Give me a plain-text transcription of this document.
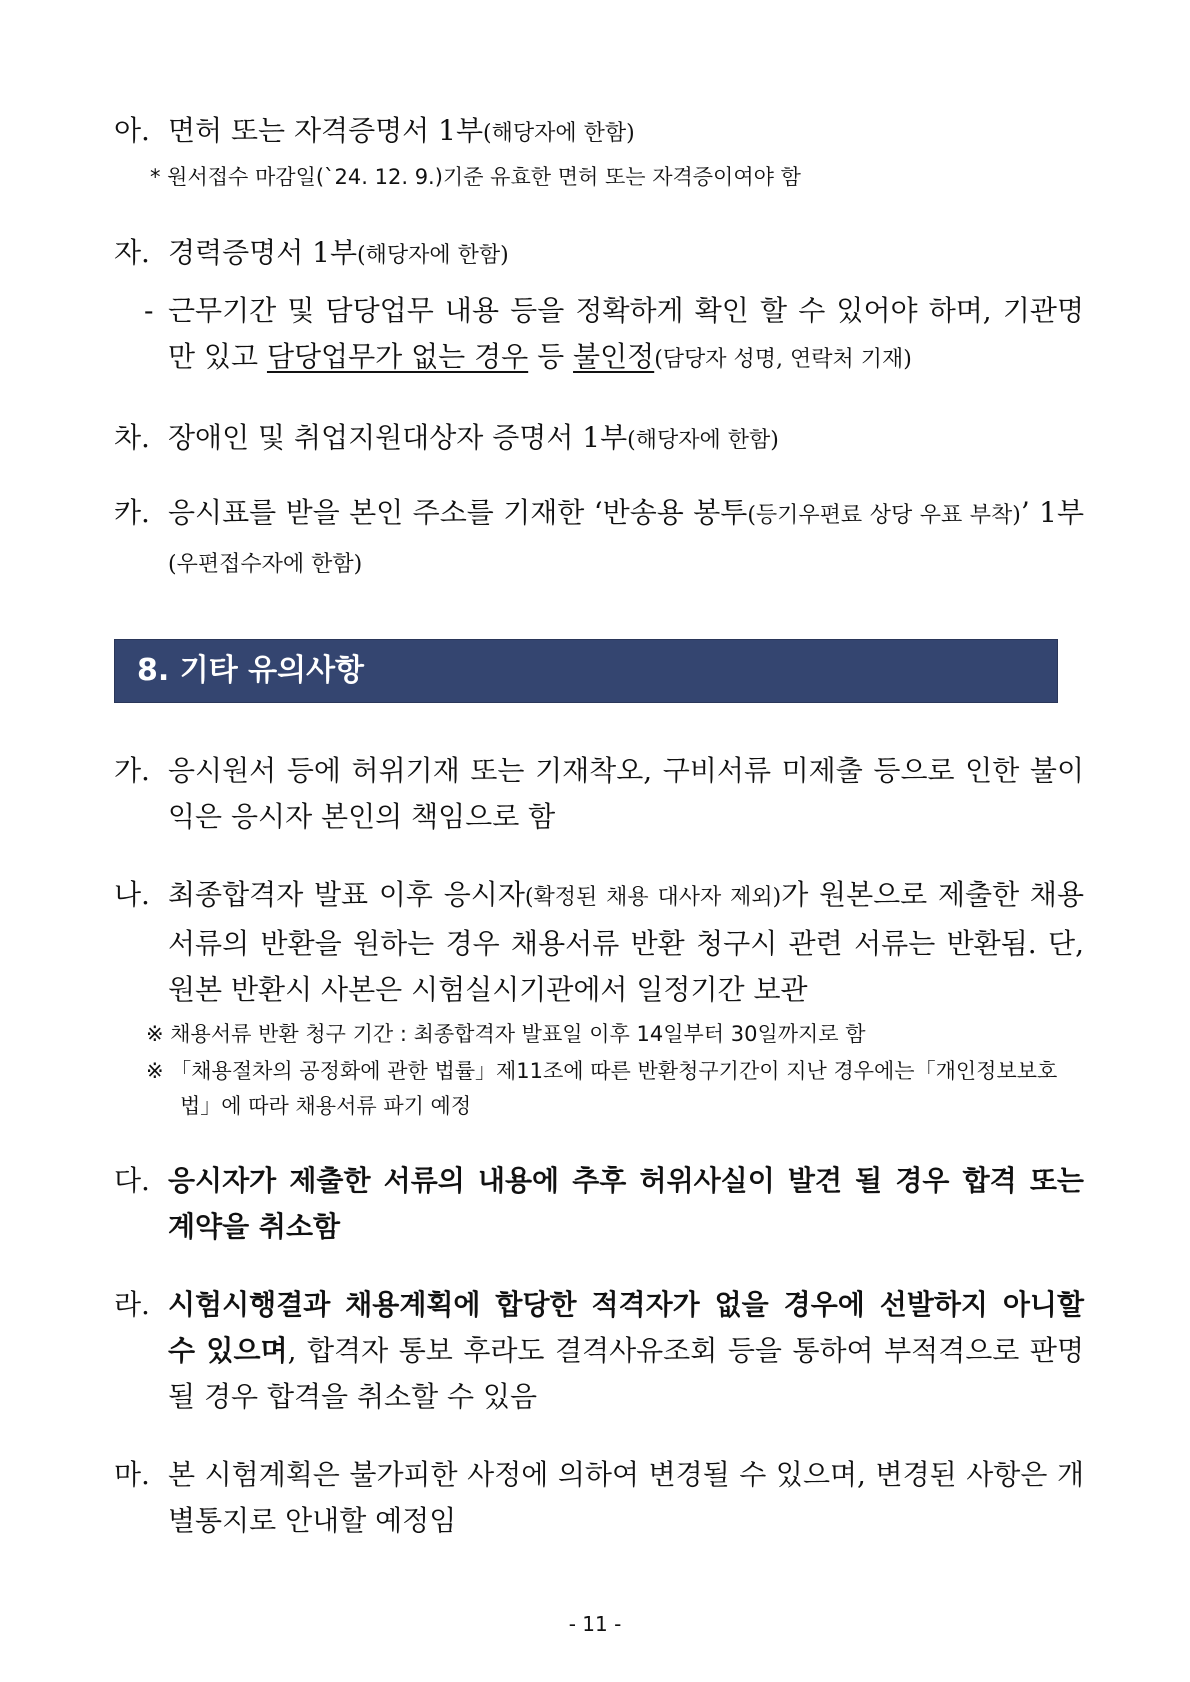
아. 면허 또는 자격증명서 1부(해당자에 한함)
* 원서접수 마감일(`24. 12. 9.)기준 유효한 면허 또는 자격증이여야 함
자. 경력증명서 1부(해당자에 한함)
- 근무기간 및 담당업무 내용 등을 정확하게 확인 할 수 있어야 하며, 기관명만 있고 담당업무가 없는 경우 등 불인정(담당자 성명, 연락처 기재)
차. 장애인 및 취업지원대상자 증명서 1부(해당자에 한함)
카. 응시표를 받을 본인 주소를 기재한 ‘반송용 봉투(등기우편료 상당 우표 부착)’ 1부(우편접수자에 한함)
8. 기타 유의사항
가. 응시원서 등에 허위기재 또는 기재착오, 구비서류 미제출 등으로 인한 불이익은 응시자 본인의 책임으로 함
나. 최종합격자 발표 이후 응시자(확정된 채용 대사자 제외)가 원본으로 제출한 채용서류의 반환을 원하는 경우 채용서류 반환 청구시 관련 서류는 반환됨. 단, 원본 반환시 사본은 시험실시기관에서 일정기간 보관
※ 채용서류 반환 청구 기간 : 최종합격자 발표일 이후 14일부터 30일까지로 함
※ 「채용절차의 공정화에 관한 법률」제11조에 따른 반환청구기간이 지난 경우에는「개인정보보호법」에 따라 채용서류 파기 예정
다. 응시자가 제출한 서류의 내용에 추후 허위사실이 발견 될 경우 합격 또는 계약을 취소함
라. 시험시행결과 채용계획에 합당한 적격자가 없을 경우에 선발하지 아니할 수 있으며, 합격자 통보 후라도 결격사유조회 등을 통하여 부적격으로 판명될 경우 합격을 취소할 수 있음
마. 본 시험계획은 불가피한 사정에 의하여 변경될 수 있으며, 변경된 사항은 개별통지로 안내할 예정임
- 11 -
